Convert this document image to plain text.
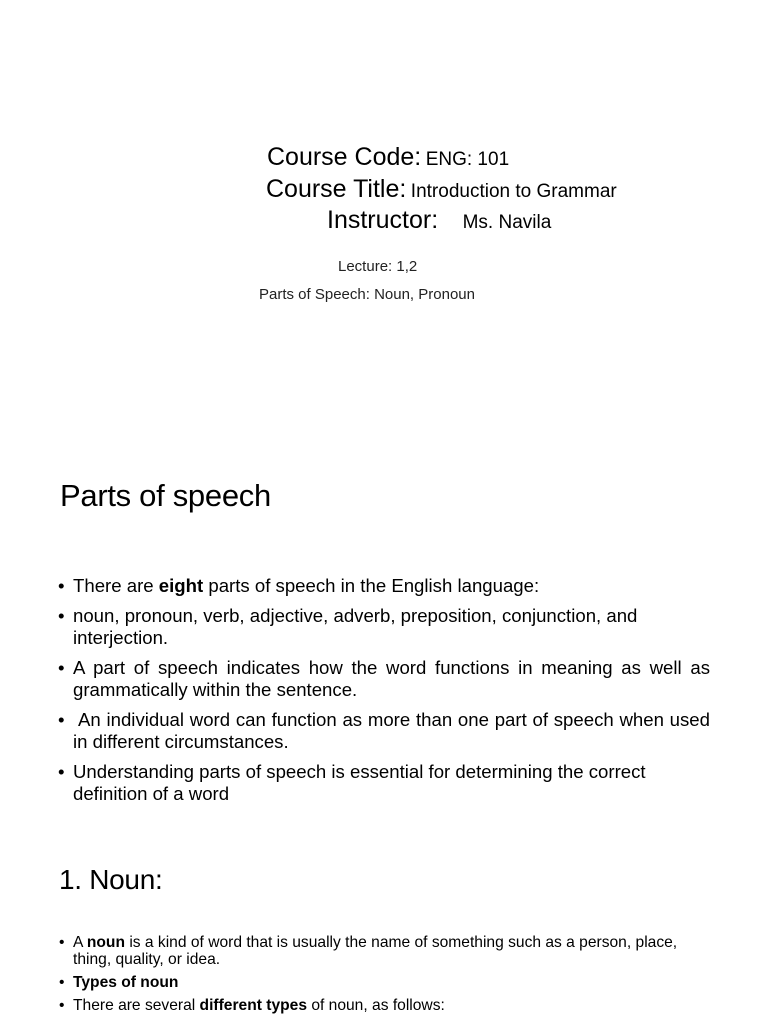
Course Code: ENG: 101
Course Title: Introduction to Grammar
Instructor: Ms. Navila
Lecture: 1,2
Parts of Speech: Noun, Pronoun
Parts of speech
• There are eight parts of speech in the English language:
• noun, pronoun, verb, adjective, adverb, preposition, conjunction, and interjection.
• A part of speech indicates how the word functions in meaning as well as grammatically within the sentence.
• An individual word can function as more than one part of speech when used in different circumstances.
• Understanding parts of speech is essential for determining the correct definition of a word
1. Noun:
• A noun is a kind of word that is usually the name of something such as a person, place, thing, quality, or idea.
• Types of noun
• There are several different types of noun, as follows:
